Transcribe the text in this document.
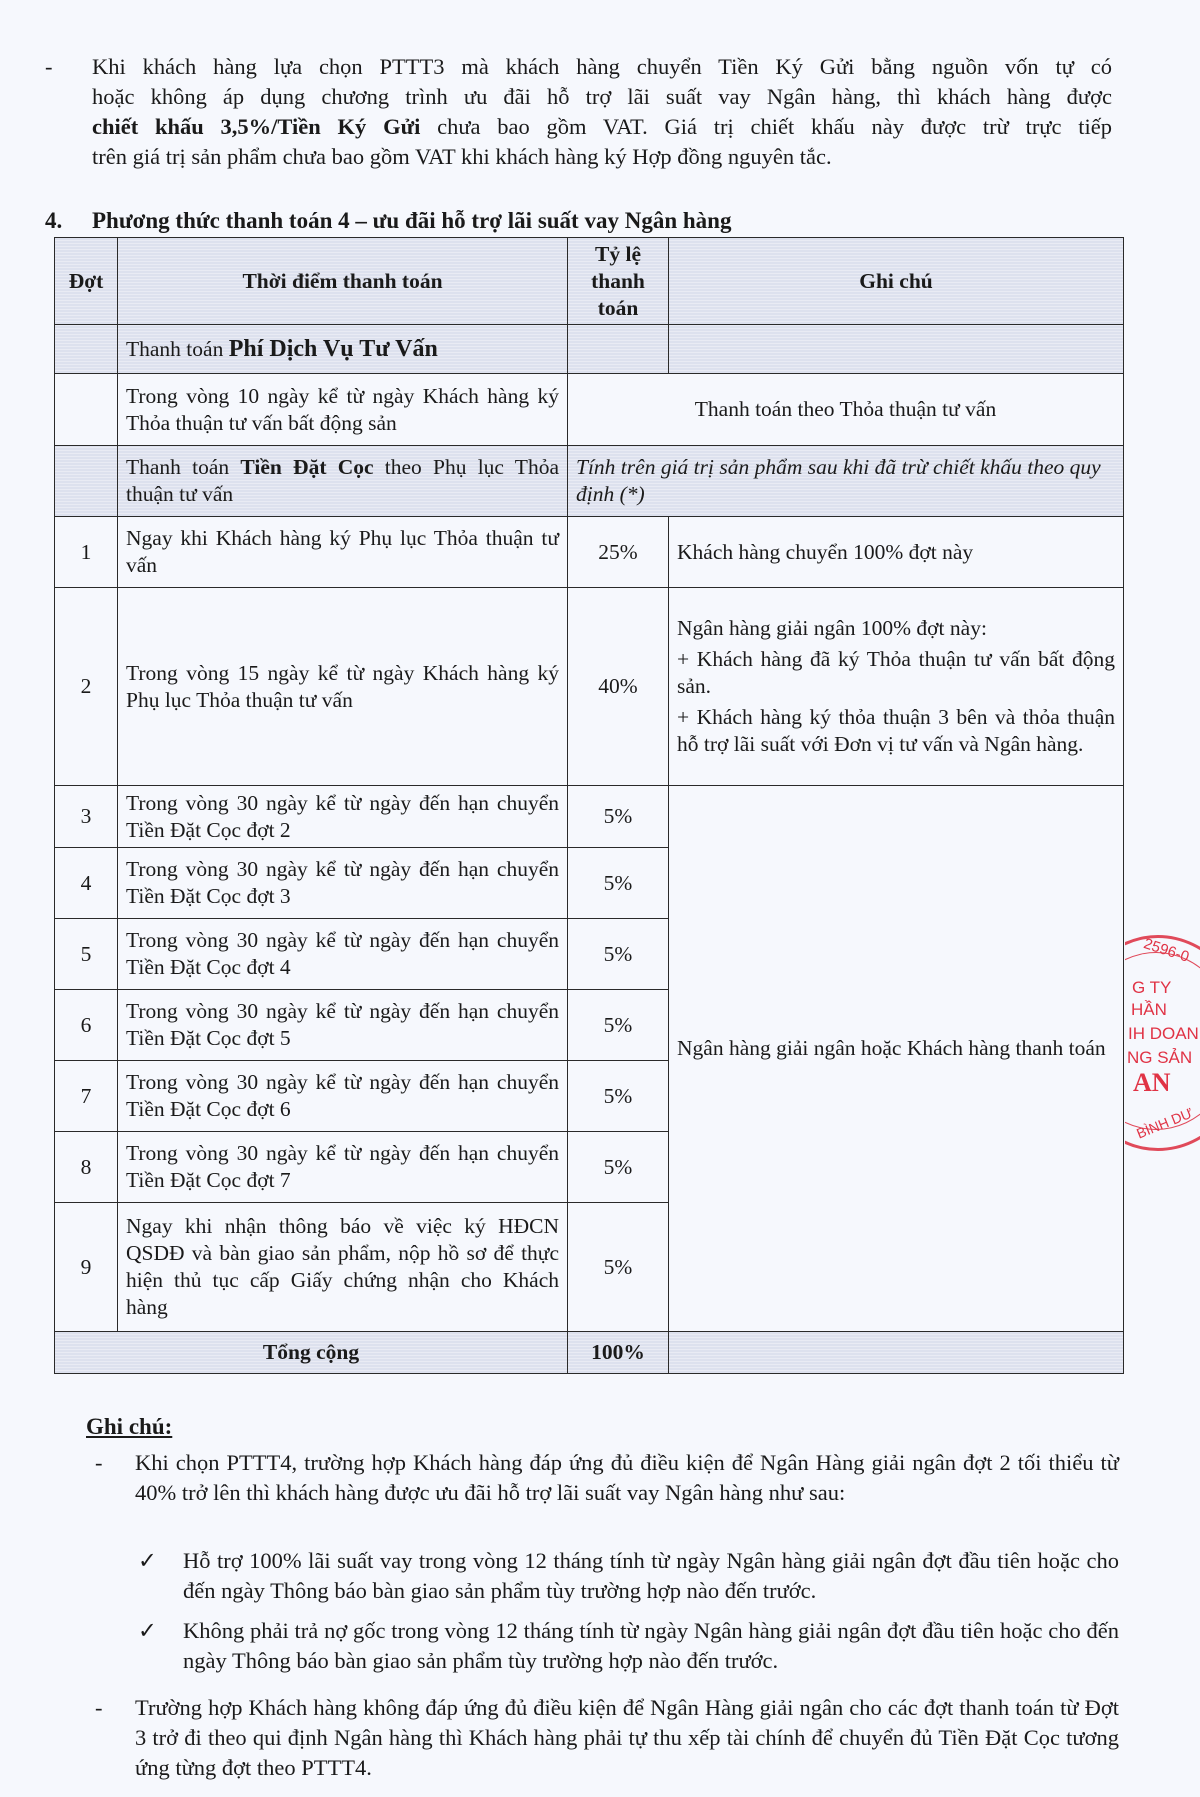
- Khi khách hàng lựa chọn PTTT3 mà khách hàng chuyển Tiền Ký Gửi bằng nguồn vốn tự có
hoặc không áp dụng chương trình ưu đãi hỗ trợ lãi suất vay Ngân hàng, thì khách hàng được
chiết khấu 3,5%/Tiền Ký Gửi chưa bao gồm VAT. Giá trị chiết khấu này được trừ trực tiếp
trên giá trị sản phẩm chưa bao gồm VAT khi khách hàng ký Hợp đồng nguyên tắc.
4. Phương thức thanh toán 4 – ưu đãi hỗ trợ lãi suất vay Ngân hàng
Đợt	Thời điểm thanh toán	Tỷ lệ thanh toán	Ghi chú
	Thanh toán Phí Dịch Vụ Tư Vấn		
	Trong vòng 10 ngày kể từ ngày Khách hàng ký Thỏa thuận tư vấn bất động sản	Thanh toán theo Thỏa thuận tư vấn	
	Thanh toán Tiền Đặt Cọc theo Phụ lục Thỏa thuận tư vấn	Tính trên giá trị sản phẩm sau khi đã trừ chiết khấu theo quy định (*)	
1	Ngay khi Khách hàng ký Phụ lục Thỏa thuận tư vấn	25%	Khách hàng chuyển 100% đợt này
2	Trong vòng 15 ngày kể từ ngày Khách hàng ký Phụ lục Thỏa thuận tư vấn	40%	Ngân hàng giải ngân 100% đợt này:
+ Khách hàng đã ký Thỏa thuận tư vấn bất động sản.
+ Khách hàng ký thỏa thuận 3 bên và thỏa thuận hỗ trợ lãi suất với Đơn vị tư vấn và Ngân hàng.

3	Trong vòng 30 ngày kể từ ngày đến hạn chuyển Tiền Đặt Cọc đợt 2	5%	Ngân hàng giải ngân hoặc Khách hàng thanh toán
4	Trong vòng 30 ngày kể từ ngày đến hạn chuyển Tiền Đặt Cọc đợt 3	5%	
5	Trong vòng 30 ngày kể từ ngày đến hạn chuyển Tiền Đặt Cọc đợt 4	5%	
6	Trong vòng 30 ngày kể từ ngày đến hạn chuyển Tiền Đặt Cọc đợt 5	5%	
7	Trong vòng 30 ngày kể từ ngày đến hạn chuyển Tiền Đặt Cọc đợt 6	5%	
8	Trong vòng 30 ngày kể từ ngày đến hạn chuyển Tiền Đặt Cọc đợt 7	5%	
9	Ngay khi nhận thông báo về việc ký HĐCN QSDĐ và bàn giao sản phẩm, nộp hồ sơ để thực hiện thủ tục cấp Giấy chứng nhận cho Khách hàng	5%	
Tổng cộng		100%	
Ghi chú:
- Khi chọn PTTT4, trường hợp Khách hàng đáp ứng đủ điều kiện để Ngân Hàng giải ngân đợt 2 tối thiểu từ 40% trở lên thì khách hàng được ưu đãi hỗ trợ lãi suất vay Ngân hàng như sau:
✓ Hỗ trợ 100% lãi suất vay trong vòng 12 tháng tính từ ngày Ngân hàng giải ngân đợt đầu tiên hoặc cho đến ngày Thông báo bàn giao sản phẩm tùy trường hợp nào đến trước.
✓ Không phải trả nợ gốc trong vòng 12 tháng tính từ ngày Ngân hàng giải ngân đợt đầu tiên hoặc cho đến ngày Thông báo bàn giao sản phẩm tùy trường hợp nào đến trước.
- Trường hợp Khách hàng không đáp ứng đủ điều kiện để Ngân Hàng giải ngân cho các đợt thanh toán từ Đợt 3 trở đi theo qui định Ngân hàng thì Khách hàng phải tự thu xếp tài chính để chuyển đủ Tiền Đặt Cọc tương ứng từng đợt theo PTTT4.
2596-0
G TY
HẦN
IH DOAN
NG SẢN
AN
BÌNH DƯ
